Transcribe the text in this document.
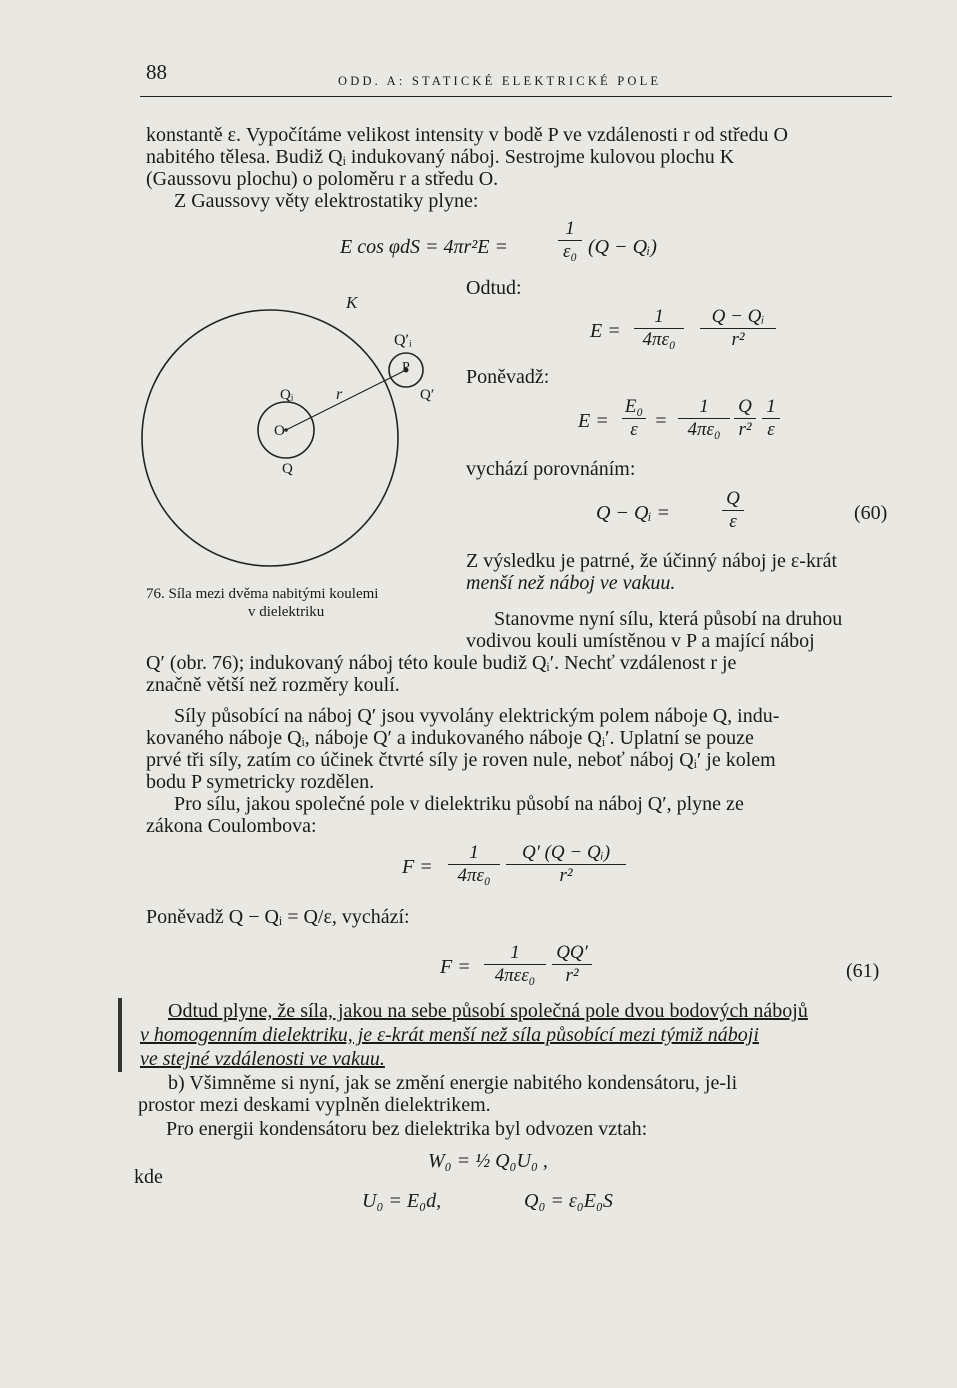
88	ODD. A: STATICKÉ ELEKTRICKÉ POLE
konstantě ε. Vypočítáme velikost intensity v bodě P ve vzdálenosti r od středu O
nabitého tělesa. Budiž Qᵢ indukovaný náboj. Sestrojme kulovou plochu K
(Gaussovu plochu) o poloměru r a středu O.
Z Gaussovy věty elektrostatiky plyne:
E cos φdS = 4πr²E =	$\frac{1}{\text{ε₀}} (Q$ − Qᵢ)
Odtud:
$E = \frac{1}{\text{4πε₀}} \frac{\text{Q − Qᵢ}}{\text{r²}}$
Poněvadž:
$E = \frac{\text{E₀}}{\varepsilon} = \frac{1}{\text{4πε₀}} \frac{Q}{\text{r²}} \frac{1}{\varepsilon}$
vychází porovnáním:
Q − Qᵢ =	$\frac{Q}{\varepsilon}$	(60)
K
Q′ᵢ
P
Q′
Qᵢ	r
O
Q
76. Síla mezi dvěma nabitými koulemi
v dielektriku
Z výsledku je patrné, že účinný náboj je ε-krát
menší než náboj ve vakuu.
Stanovme nyní sílu, která působí na druhou
vodivou kouli umístěnou v P a mající náboj
Q′ (obr. 76); indukovaný náboj této koule budiž Qᵢ′. Nechť vzdálenost r je
značně větší než rozměry koulí.
Síly působící na náboj Q′ jsou vyvolány elektrickým polem náboje Q, indu-
kovaného náboje Qᵢ, náboje Q′ a indukovaného náboje Qᵢ′. Uplatní se pouze
prvé tři síly, zatím co účinek čtvrté síly je roven nule, neboť náboj Qᵢ′ je kolem
bodu P symetricky rozdělen.
Pro sílu, jakou společné pole v dielektriku působí na náboj Q′, plyne ze
zákona Coulombova:
$F = \frac{1}{\text{4πε₀}} \frac{\text{Q′ (Q − Qᵢ)}}{\text{r²}}$
Poněvadž Q − Qᵢ = Q/ε, vychází:
F =
1
$4\pi\varepsilon\varepsilon_0 \frac{QQ'}{\text{r²}}$	(61)
Odtud plyne, že síla, jakou na sebe působí společná pole dvou bodových nábojů
v homogenním dielektriku, je ε-krát menší než síla působící mezi týmiž náboji
ve stejné vzdálenosti ve vakuu.
b) Všimněme si nyní, jak se změní energie nabitého kondensátoru, je-li
prostor mezi deskami vyplněn dielektrikem.
Pro energii kondensátoru bez dielektrika byl odvozen vztah:
W₀ = ½ Q₀U₀ ,
kde
U₀ = E₀d,	Q₀ = ε₀E₀S
